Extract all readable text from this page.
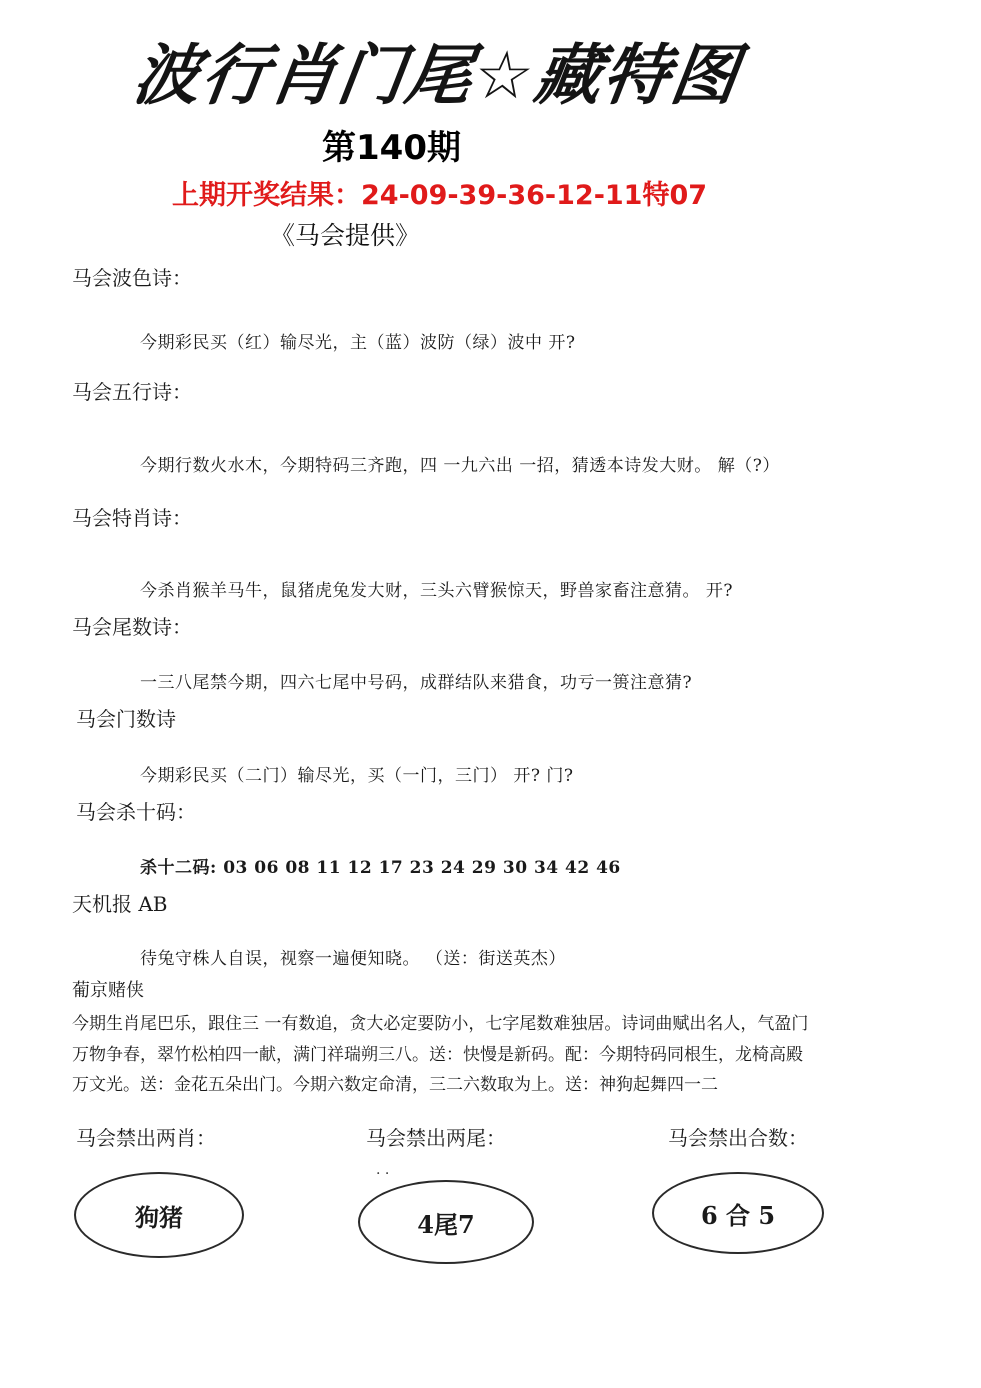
波行肖门尾☆藏特图
第140期
上期开奖结果：24-09-39-36-12-11特07
《马会提供》
马会波色诗：
今期彩民买（红）输尽光，主（蓝）波防（绿）波中 开?
马会五行诗：
今期行数火水木，今期特码三齐跑，四 一九六出 一招，猜透本诗发大财。 解（?）
马会特肖诗：
今杀肖猴羊马牛，鼠猪虎兔发大财，三头六臂猴惊天，野兽家畜注意猜。 开?
马会尾数诗：
一三八尾禁今期，四六七尾中号码，成群结队来猎食，功亏一篑注意猜?
马会门数诗
今期彩民买（二门）输尽光，买（一门，三门） 开? 门?
马会杀十码：
杀十二码: 03 06 08 11 12 17 23 24 29 30 34 42 46
天机报 AB
待兔守株人自误，视察一遍便知晓。 （送：街送英杰）
葡京赌侠
今期生肖尾巴乐，跟住三 一有数追，贪大必定要防小，七字尾数难独居。诗词曲赋出名人，气盈门
万物争春，翠竹松柏四一献，满门祥瑞朔三八。送：快慢是新码。配：今期特码同根生，龙椅高殿
万文光。送：金花五朵出门。今期六数定命清，三二六数取为上。送：神狗起舞四一二
马会禁出两肖：	马会禁出两尾：	马会禁出合数：
. .
狗猪	4尾7	6 合 5
